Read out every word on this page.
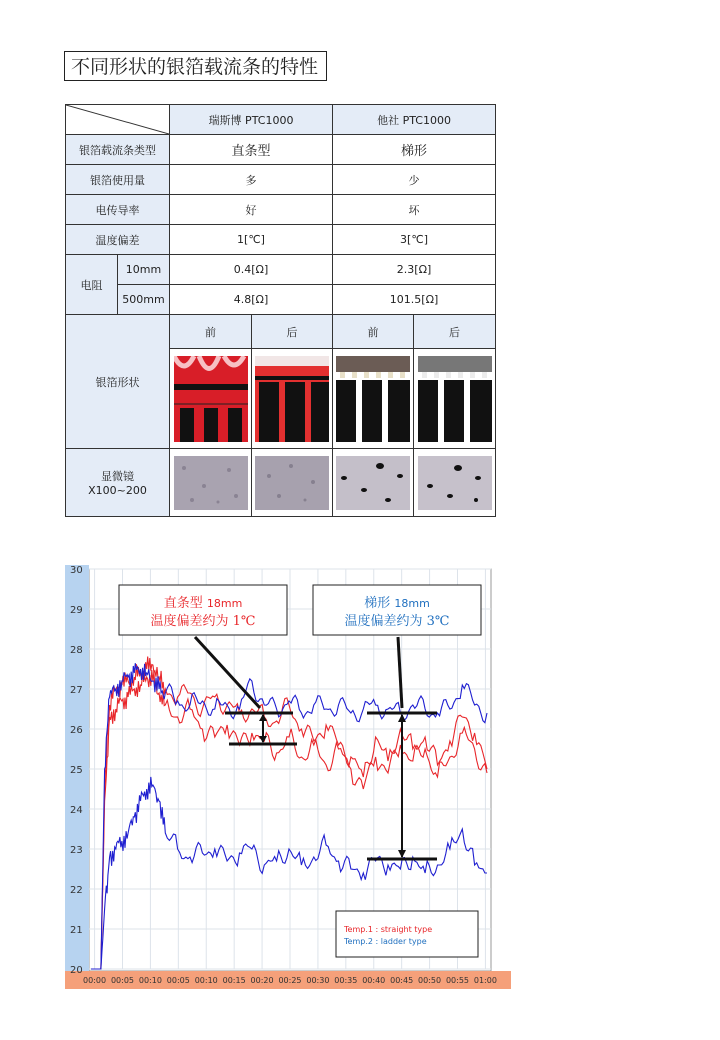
不同形状的银箔载流条的特性
	瑞斯博 PTC1000		他社 PTC1000	
银箔载流条类型		直条型		梯形	
银箔使用量		多		少	
电传导率		好		坏	
温度偏差		1[℃]		3[℃]	
电阻	10mm	0.4[Ω]		2.3[Ω]	
	500mm	4.8[Ω]		101.5[Ω]	
银箔形状		前	后	前	后

显微镜
X100~200

20
21
22
23
24
25
26
27
28
29
30
00:00 00:05 00:10 00:05 00:10 00:15 00:20 00:25 00:30 00:35 00:40 00:45 00:50 00:55 01:00
直条型 18mm
温度偏差约为 1℃
梯形 18mm
温度偏差约为 3℃
Temp.1 : straight type
Temp.2 : ladder type
